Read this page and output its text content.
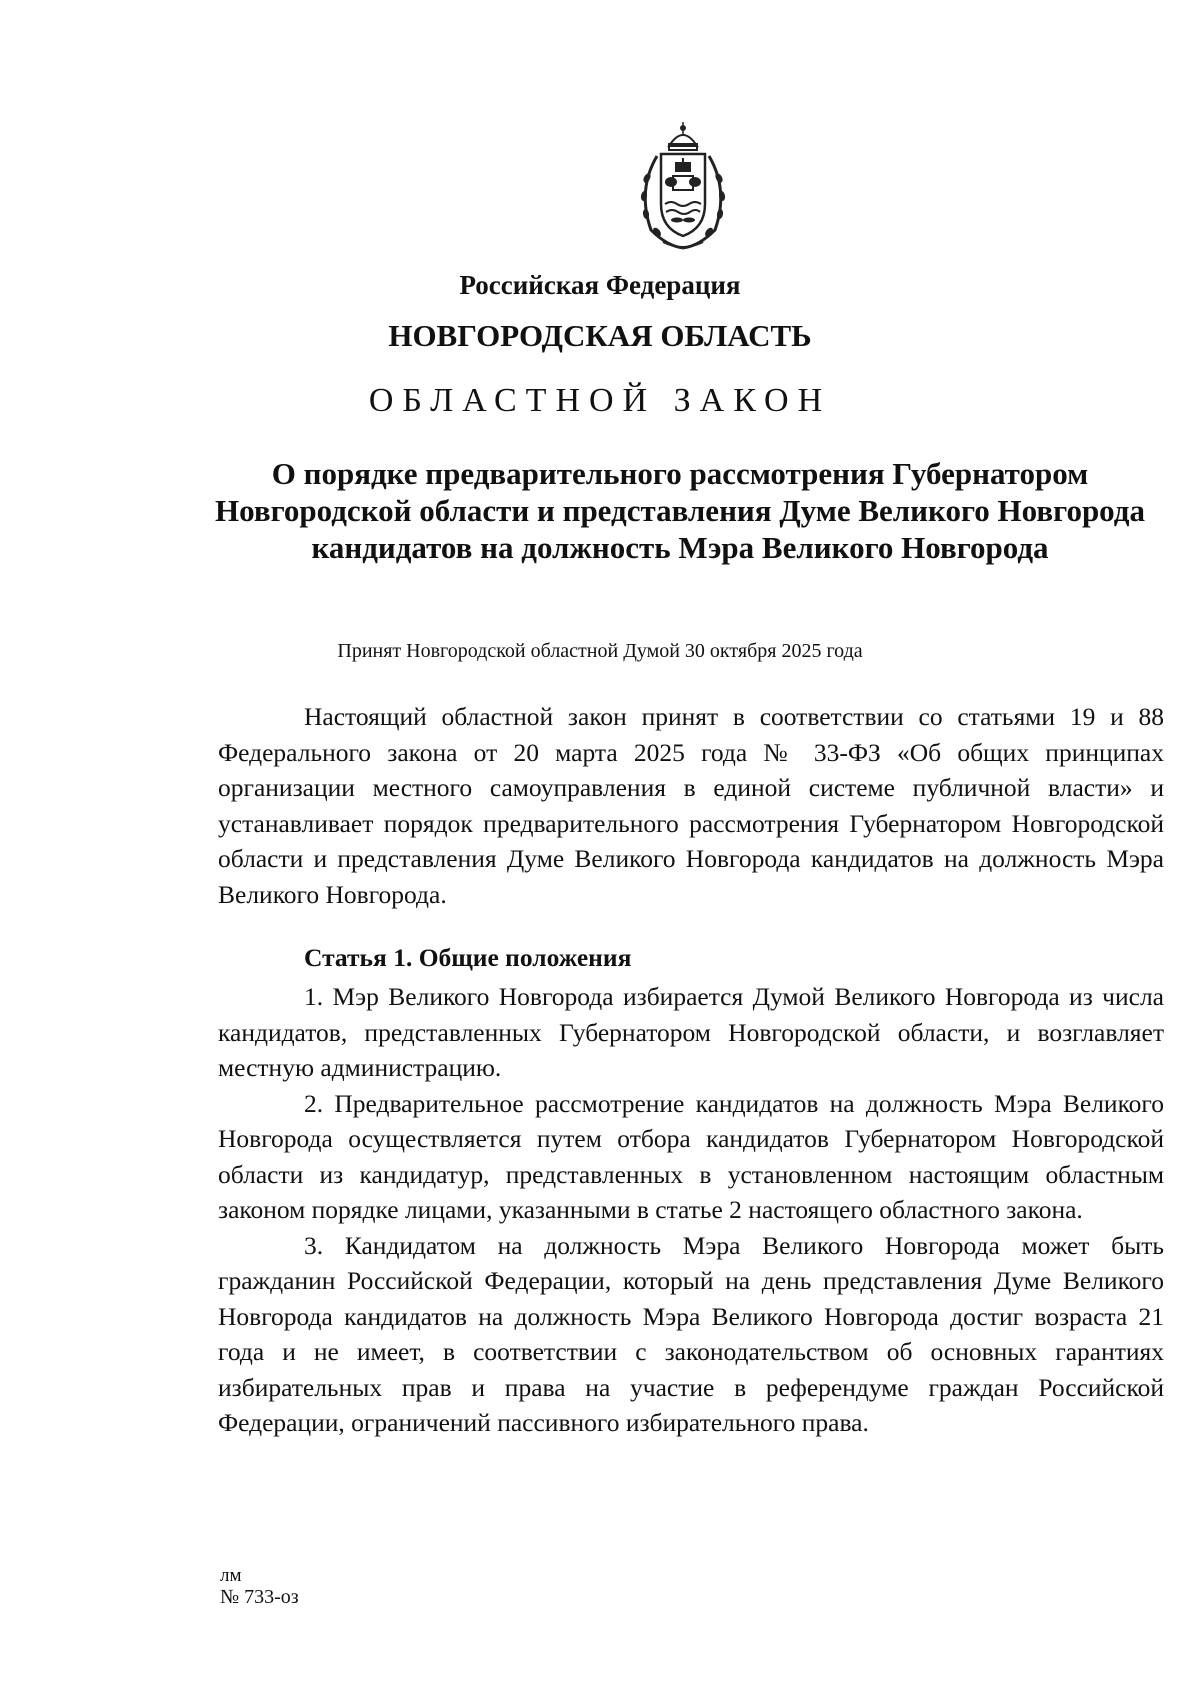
Российская Федерация
НОВГОРОДСКАЯ ОБЛАСТЬ
ОБЛАСТНОЙ ЗАКОН
О порядке предварительного рассмотрения Губернатором Новгородской области и представления Думе Великого Новгорода кандидатов на должность Мэра Великого Новгорода
Принят Новгородской областной Думой 30 октября 2025 года

Настоящий областной закон принят в соответствии со статьями 19 и 88 Федерального закона от 20 марта 2025 года № 33-ФЗ «Об общих принципах организации местного самоуправления в единой системе публичной власти» и устанавливает порядок предварительного рассмотрения Губернатором Новгородской области и представления Думе Великого Новгорода кандидатов на должность Мэра Великого Новгорода.

Статья 1. Общие положения

1. Мэр Великого Новгорода избирается Думой Великого Новгорода из числа кандидатов, представленных Губернатором Новгородской области, и возглавляет местную администрацию.

2. Предварительное рассмотрение кандидатов на должность Мэра Великого Новгорода осуществляется путем отбора кандидатов Губернатором Новгородской области из кандидатур, представленных в установленном настоящим областным законом порядке лицами, указанными в статье 2 настоящего областного закона.

3. Кандидатом на должность Мэра Великого Новгорода может быть гражданин Российской Федерации, который на день представления Думе Великого Новгорода кандидатов на должность Мэра Великого Новгорода достиг возраста 21 года и не имеет, в соответствии с законодательством об основных гарантиях избирательных прав и права на участие в референдуме граждан Российской Федерации, ограничений пассивного избирательного права.

лм
№ 733-оз
